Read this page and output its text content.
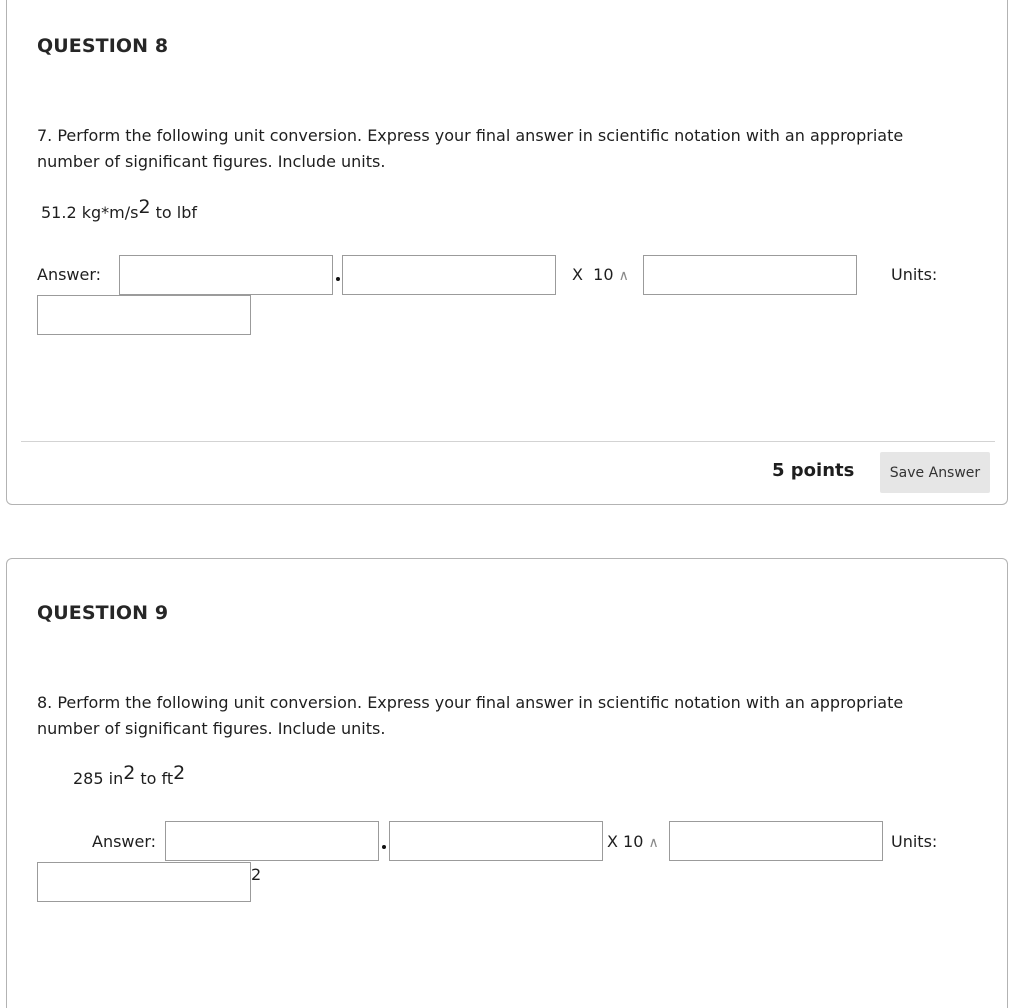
QUESTION 8
7. Perform the following unit conversion. Express your final answer in scientific notation with an appropriate number of significant figures. Include units.
51.2 $kg*m/s^2$ to lbf
Answer:	X  10 ∧	Units:
5 points	Save Answer
QUESTION 9
8. Perform the following unit conversion. Express your final answer in scientific notation with an appropriate number of significant figures. Include units.
285 $in^2$ to $ft^2$
Answer:	X 10 ∧	Units:
2
